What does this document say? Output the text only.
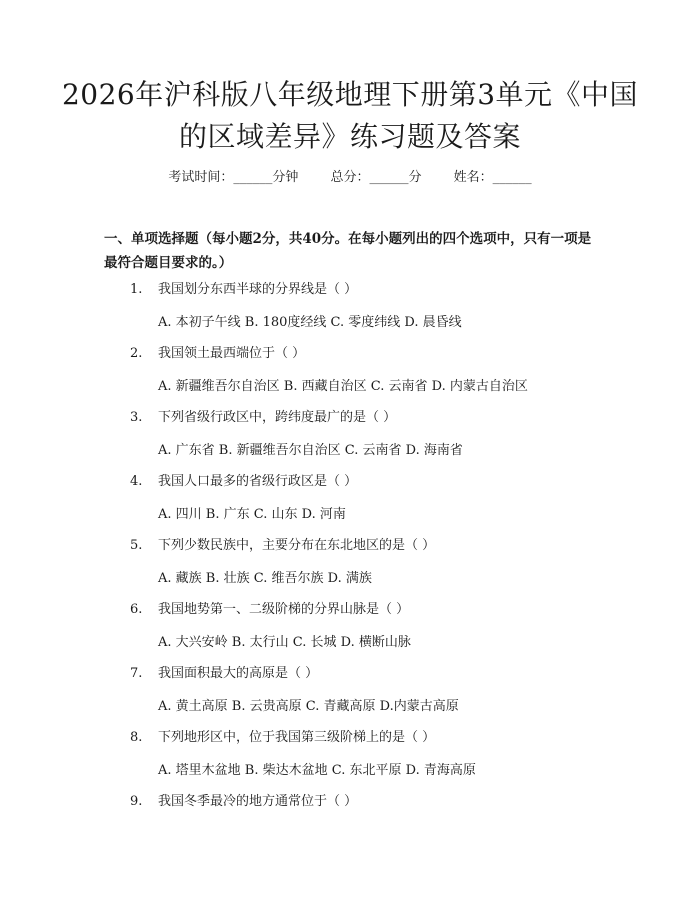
2026年沪科版八年级地理下册第3单元《中国的区域差异》练习题及答案
考试时间：______分钟 总分：______分 姓名：______
一、单项选择题（每小题2分，共40分。在每小题列出的四个选项中，只有一项是最符合题目要求的。）
1. 我国划分东西半球的分界线是（ ）
A. 本初子午线 B. 180度经线 C. 零度纬线 D. 晨昏线
2. 我国领土最西端位于（ ）
A. 新疆维吾尔自治区 B. 西藏自治区 C. 云南省 D. 内蒙古自治区
3. 下列省级行政区中，跨纬度最广的是（ ）
A. 广东省 B. 新疆维吾尔自治区 C. 云南省 D. 海南省
4. 我国人口最多的省级行政区是（ ）
A. 四川 B. 广东 C. 山东 D. 河南
5. 下列少数民族中，主要分布在东北地区的是（ ）
A. 藏族 B. 壮族 C. 维吾尔族 D. 满族
6. 我国地势第一、二级阶梯的分界山脉是（ ）
A. 大兴安岭 B. 太行山 C. 长城 D. 横断山脉
7. 我国面积最大的高原是（ ）
A. 黄土高原 B. 云贵高原 C. 青藏高原 D.内蒙古高原
8. 下列地形区中，位于我国第三级阶梯上的是（ ）
A. 塔里木盆地 B. 柴达木盆地 C. 东北平原 D. 青海高原
9. 我国冬季最冷的地方通常位于（ ）
